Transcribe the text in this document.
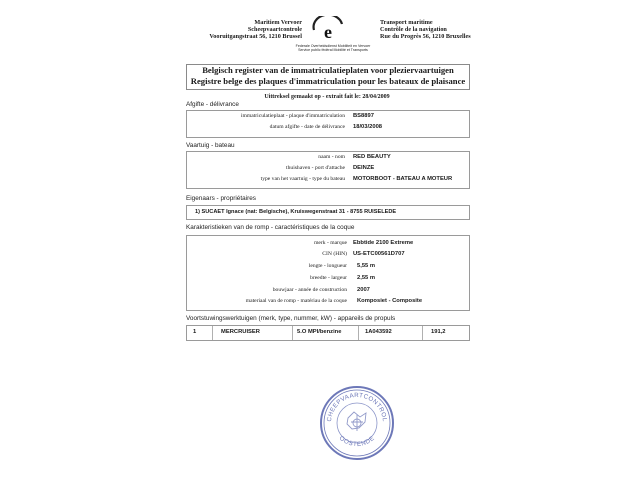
Maritiem Vervoer
Scheepvaartcontrole
Vooruitgangstraat 56, 1210 Brussel e
Federale Overheidsdienst Mobiliteit en Vervoer
Service public fédéral Mobilité et Transports
Transport maritime
Contrôle de la navigation
Rue du Progrès 56, 1210 Bruxelles
Belgisch register van de immatriculatieplaten voor pleziervaartuigen
Registre belge des plaques d'immatriculation pour les bateaux de plaisance
Uittreksel gemaakt op - extrait fait le: 28/04/2009
Afgifte - délivrance
immatriculatieplaat - plaque d'immatriculation BS8897
datum afgifte - date de délivrance 18/03/2008
Vaartuig - bateau
naam - nom RED BEAUTY
thuishaven - port d'attache DEINZE
type van het vaartuig - type du bateau MOTORBOOT - BATEAU A MOTEUR
Eigenaars - propriétaires
1) SUCAET Ignace (nat: Belgische), Kruiswegenstraat 31 - 8755 RUISELEDE
Karakteristieken van de romp - caractéristiques de la coque
merk - marque Ebbtide 2100 Extreme
CIN (HIN) US-ETC00561D707
lengte - longueur 5,55 m
breedte - largeur 2,55 m
bouwjaar - année de construction 2007
materiaal van de romp - matériau de la coque Komposiet - Composite
Voortstuwingswerktuigen (merk, type, nummer, kW) - appareils de propuls
1	MERCRUISER	5.O MPI/benzine	1A043592	191,2
CHEEPVAARTCONTROL
OOSTENDE
